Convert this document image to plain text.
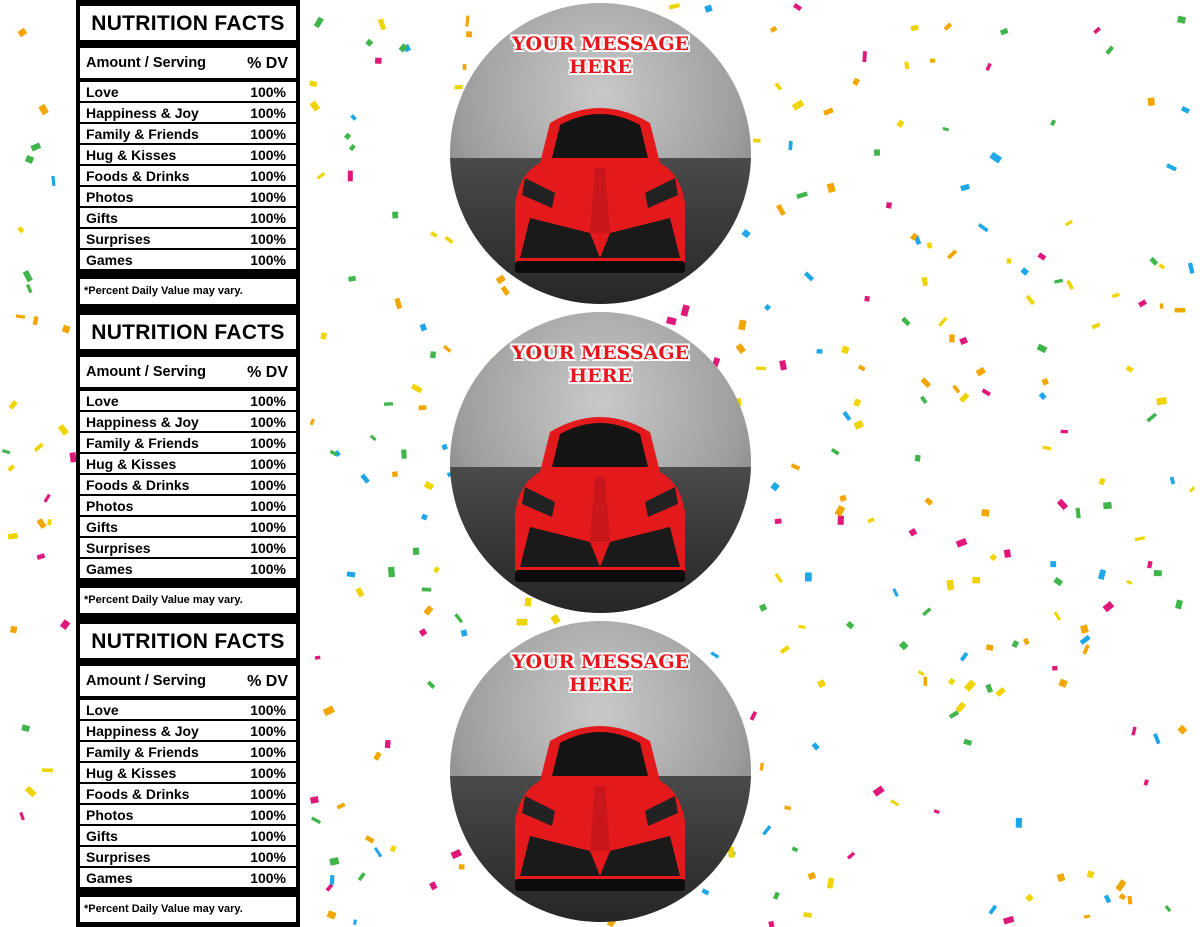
NUTRITION FACTS
Amount / Serving	% DV
Love	100%
Happiness & Joy	100%
Family & Friends	100%
Hug & Kisses	100%
Foods & Drinks	100%
Photos	100%
Gifts	100%
Surprises	100%
Games	100%
*Percent Daily Value may vary.
NUTRITION FACTS
Amount / Serving	% DV
Love	100%
Happiness & Joy	100%
Family & Friends	100%
Hug & Kisses	100%
Foods & Drinks	100%
Photos	100%
Gifts	100%
Surprises	100%
Games	100%
*Percent Daily Value may vary.
NUTRITION FACTS
Amount / Serving	% DV
Love	100%
Happiness & Joy	100%
Family & Friends	100%
Hug & Kisses	100%
Foods & Drinks	100%
Photos	100%
Gifts	100%
Surprises	100%
Games	100%
*Percent Daily Value may vary.
YOUR MESSAGE
HERE
YOUR MESSAGE
HERE
YOUR MESSAGE
HERE
